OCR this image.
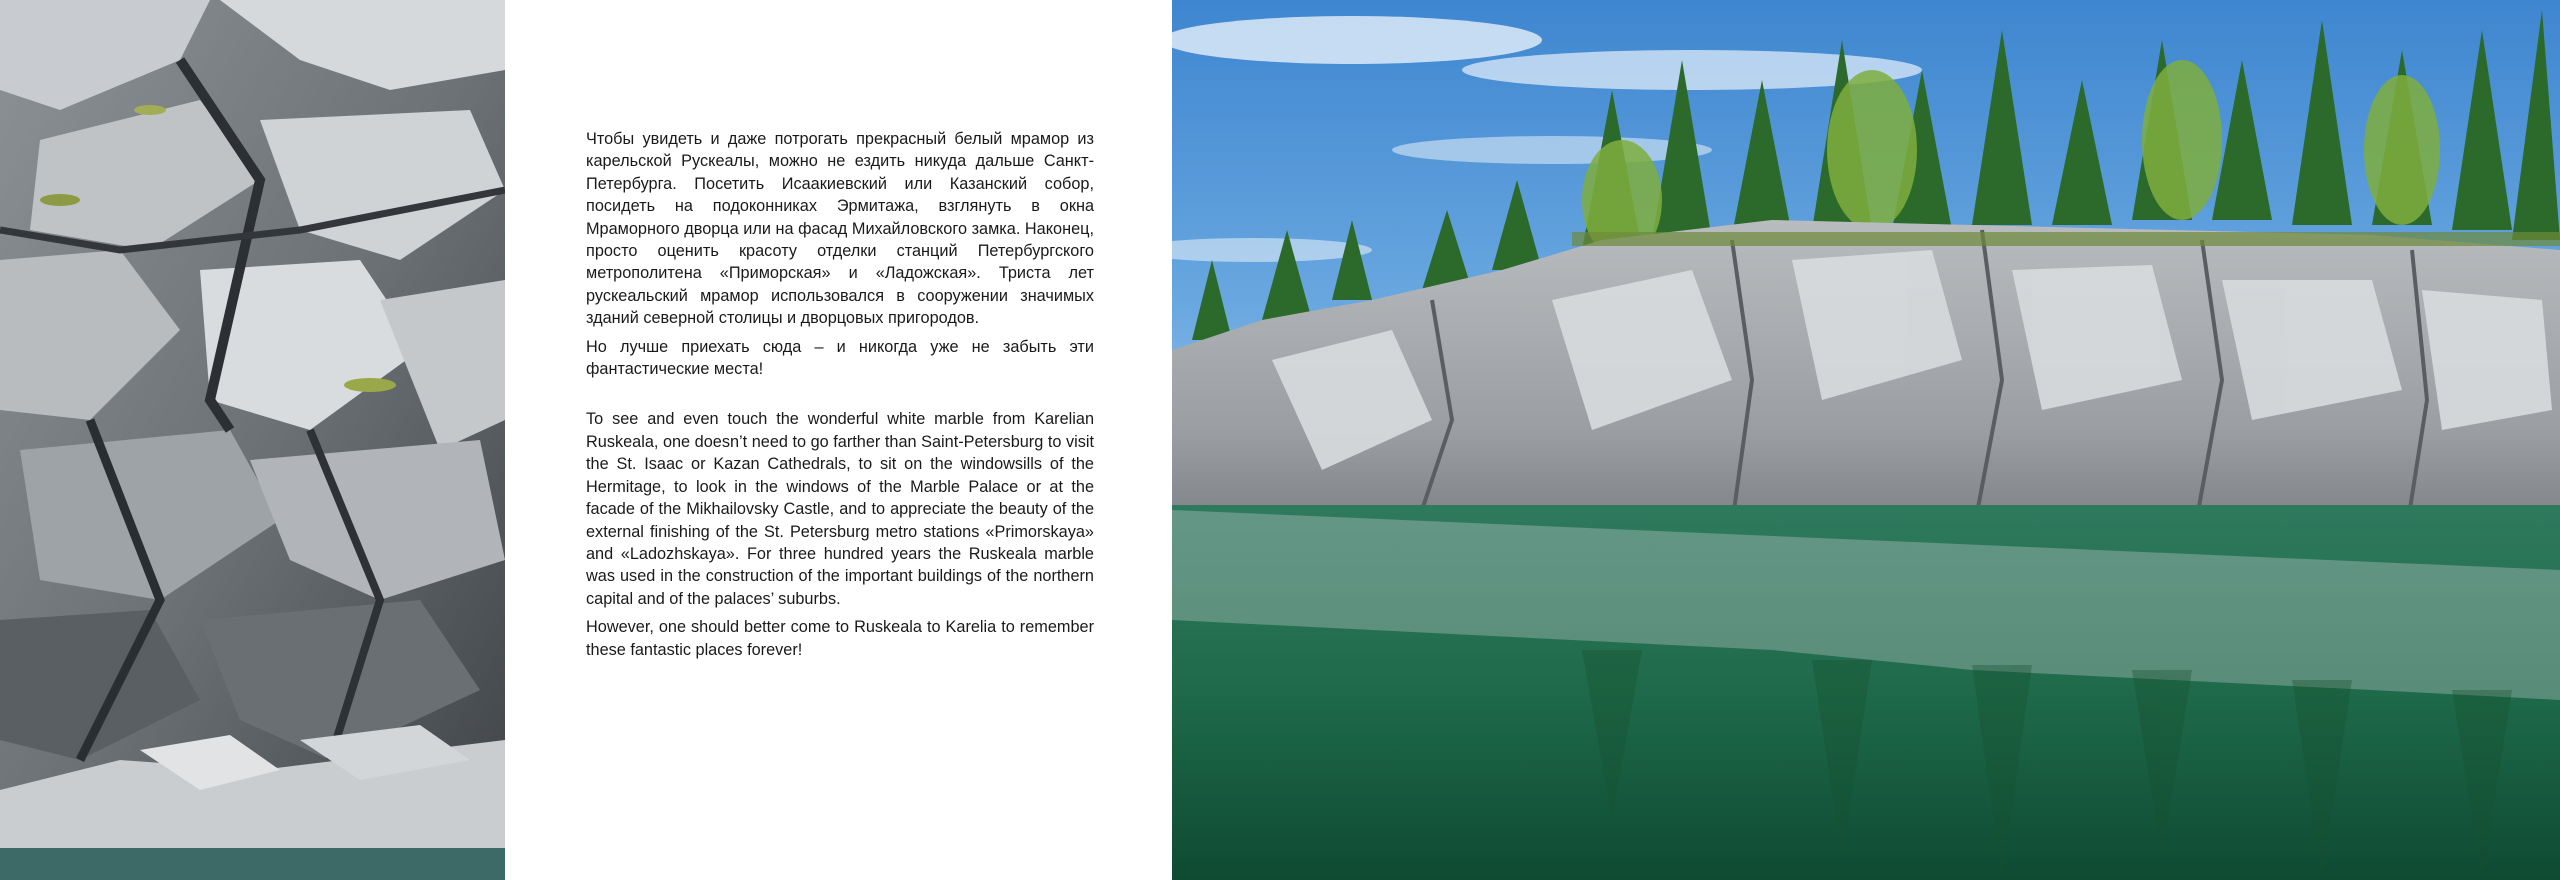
Чтобы увидеть и даже потрогать прекрасный белый мрамор из карельской Рускеалы, можно не ездить никуда дальше Санкт-Петербурга. Посетить Исаакиевский или Казанский собор, посидеть на подоконниках Эрмитажа, взглянуть в окна Мраморного дворца или на фасад Михайловского замка. Наконец, просто оценить красоту отделки станций Петербургского метрополитена «Приморская» и «Ладожская». Триста лет рускеальский мрамор использовался в сооружении значимых зданий северной столицы и дворцовых пригородов.

Но лучше приехать сюда – и никогда уже не забыть эти фантастические места!

To see and even touch the wonderful white marble from Karelian Ruskeala, one doesn’t need to go farther than Saint-Petersburg to visit the St. Isaac or Kazan Cathedrals, to sit on the windowsills of the Hermitage, to look in the windows of the Marble Palace or at the facade of the Mikhailovsky Castle, and to appreciate the beauty of the external finishing of the St. Petersburg metro stations «Primorskaya» and «Ladozhskaya». For three hundred years the Ruskeala marble was used in the construction of the important buildings of the northern capital and of the palaces’ suburbs.

However, one should better come to Ruskeala to Karelia to remember these fantastic places forever!
